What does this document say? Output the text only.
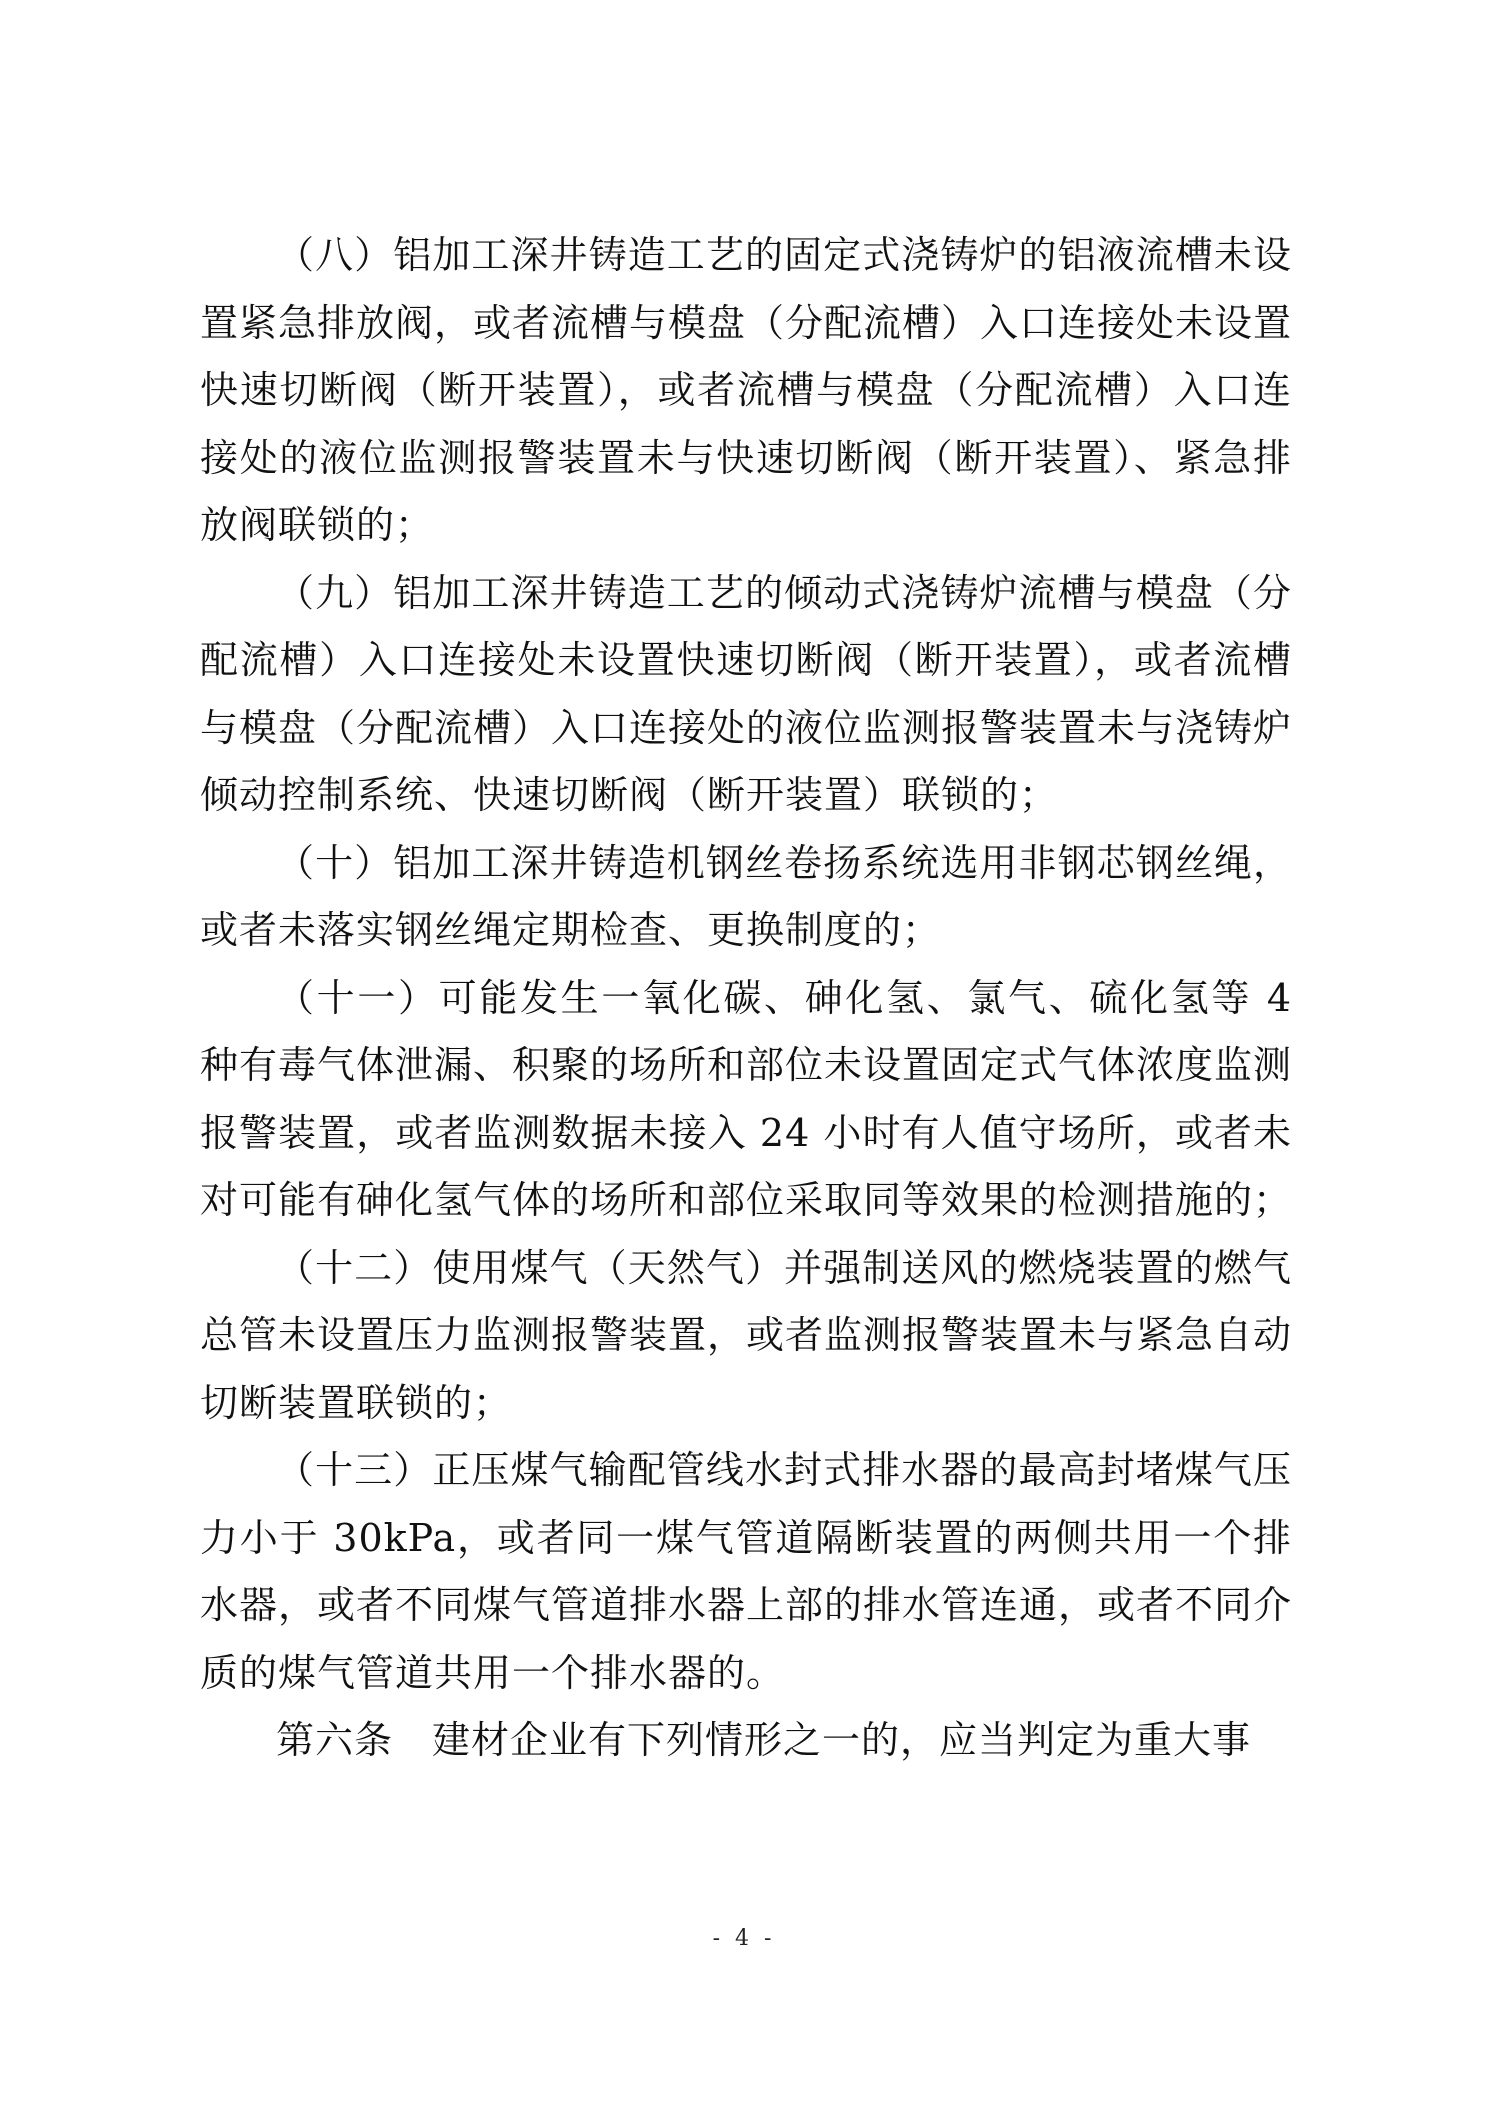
（八）铝加工深井铸造工艺的固定式浇铸炉的铝液流槽未设置紧急排放阀，或者流槽与模盘（分配流槽）入口连接处未设置快速切断阀（断开装置），或者流槽与模盘（分配流槽）入口连接处的液位监测报警装置未与快速切断阀（断开装置）、紧急排放阀联锁的；

（九）铝加工深井铸造工艺的倾动式浇铸炉流槽与模盘（分配流槽）入口连接处未设置快速切断阀（断开装置），或者流槽与模盘（分配流槽）入口连接处的液位监测报警装置未与浇铸炉倾动控制系统、快速切断阀（断开装置）联锁的；

（十）铝加工深井铸造机钢丝卷扬系统选用非钢芯钢丝绳，或者未落实钢丝绳定期检查、更换制度的；

（十一）可能发生一氧化碳、砷化氢、氯气、硫化氢等 4 种有毒气体泄漏、积聚的场所和部位未设置固定式气体浓度监测报警装置，或者监测数据未接入 24 小时有人值守场所，或者未对可能有砷化氢气体的场所和部位采取同等效果的检测措施的；

（十二）使用煤气（天然气）并强制送风的燃烧装置的燃气总管未设置压力监测报警装置，或者监测报警装置未与紧急自动切断装置联锁的；

（十三）正压煤气输配管线水封式排水器的最高封堵煤气压力小于 30kPa，或者同一煤气管道隔断装置的两侧共用一个排水器，或者不同煤气管道排水器上部的排水管连通，或者不同介质的煤气管道共用一个排水器的。

第六条　建材企业有下列情形之一的，应当判定为重大事

- 4 -
